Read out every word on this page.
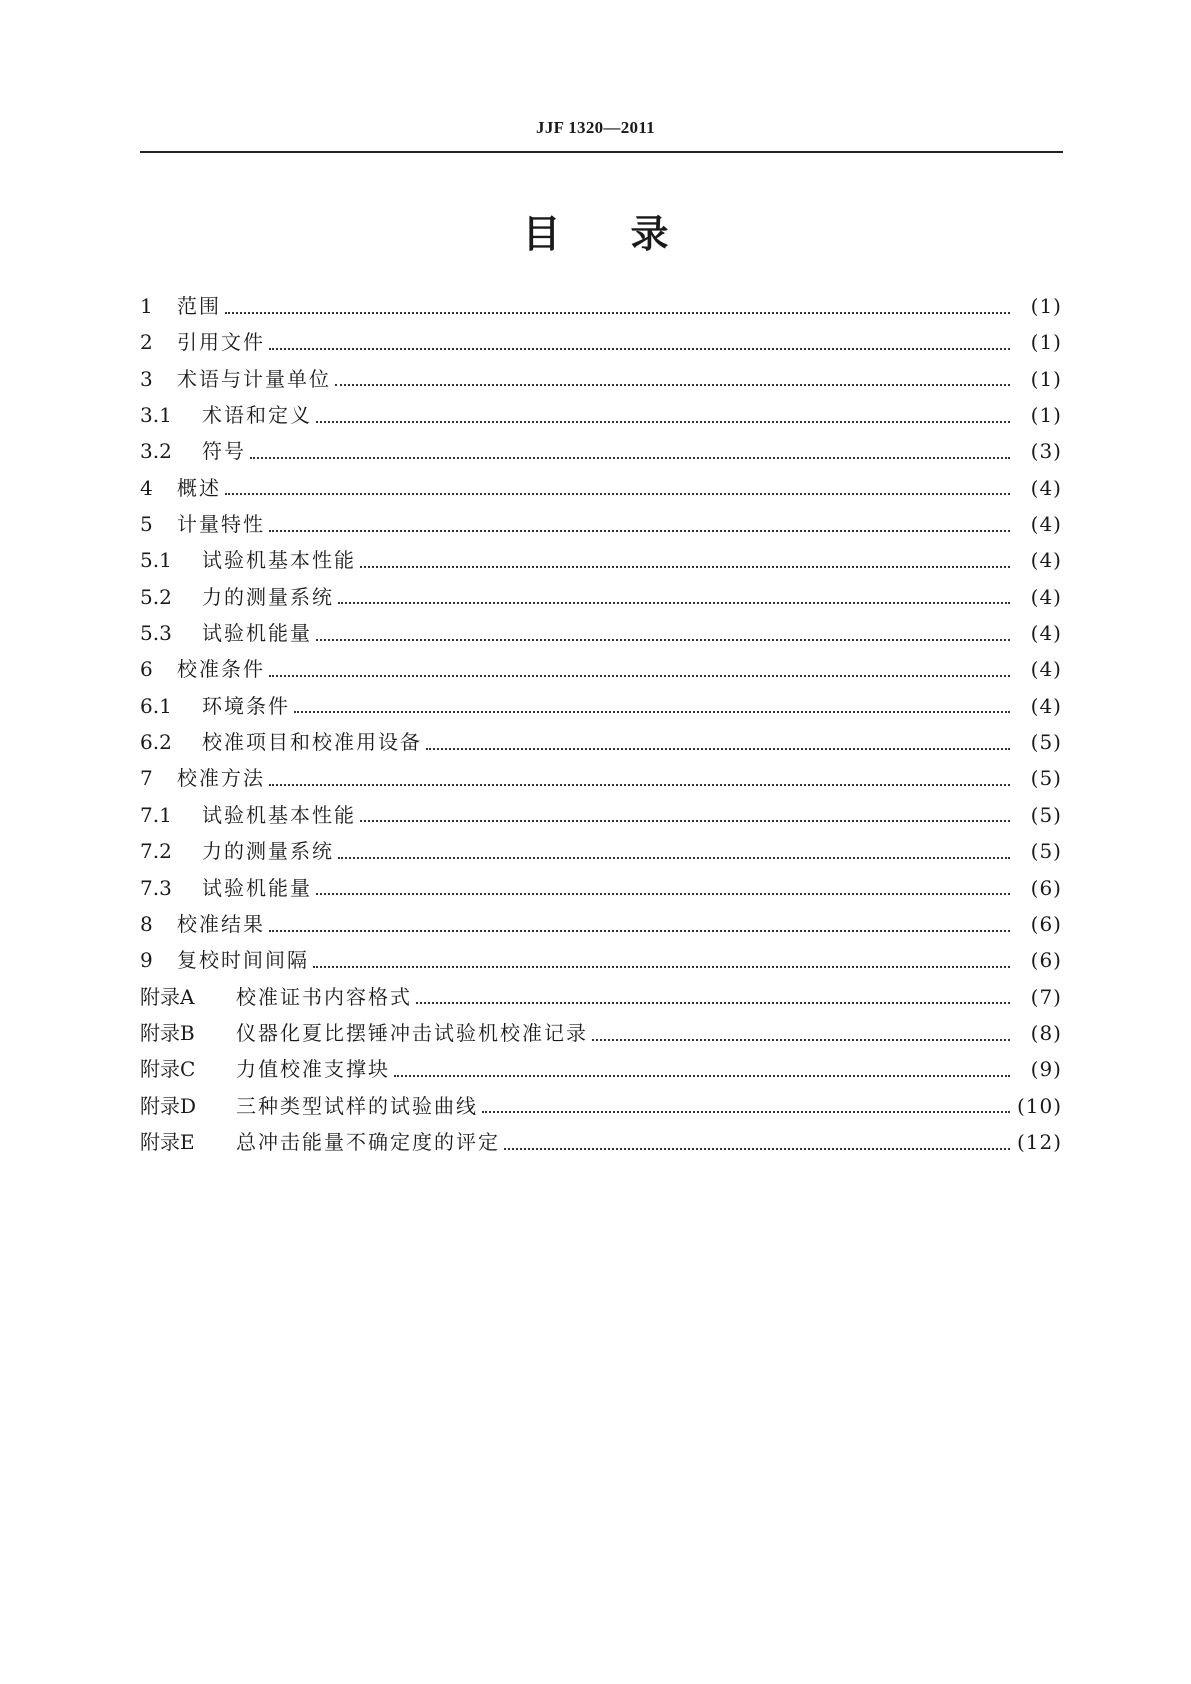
JJF 1320—2011
目录
1	范围	(1)
2	引用文件	(1)
3	术语与计量单位	(1)
3.1	术语和定义	(1)
3.2	符号	(3)
4	概述	(4)
5	计量特性	(4)
5.1	试验机基本性能	(4)
5.2	力的测量系统	(4)
5.3	试验机能量	(4)
6	校准条件	(4)
6.1	环境条件	(4)
6.2	校准项目和校准用设备	(5)
7	校准方法	(5)
7.1	试验机基本性能	(5)
7.2	力的测量系统	(5)
7.3	试验机能量	(6)
8	校准结果	(6)
9	复校时间间隔	(6)
附录A	校准证书内容格式	(7)
附录B	仪器化夏比摆锤冲击试验机校准记录	(8)
附录C	力值校准支撑块	(9)
附录D	三种类型试样的试验曲线	(10)
附录E	总冲击能量不确定度的评定	(12)
